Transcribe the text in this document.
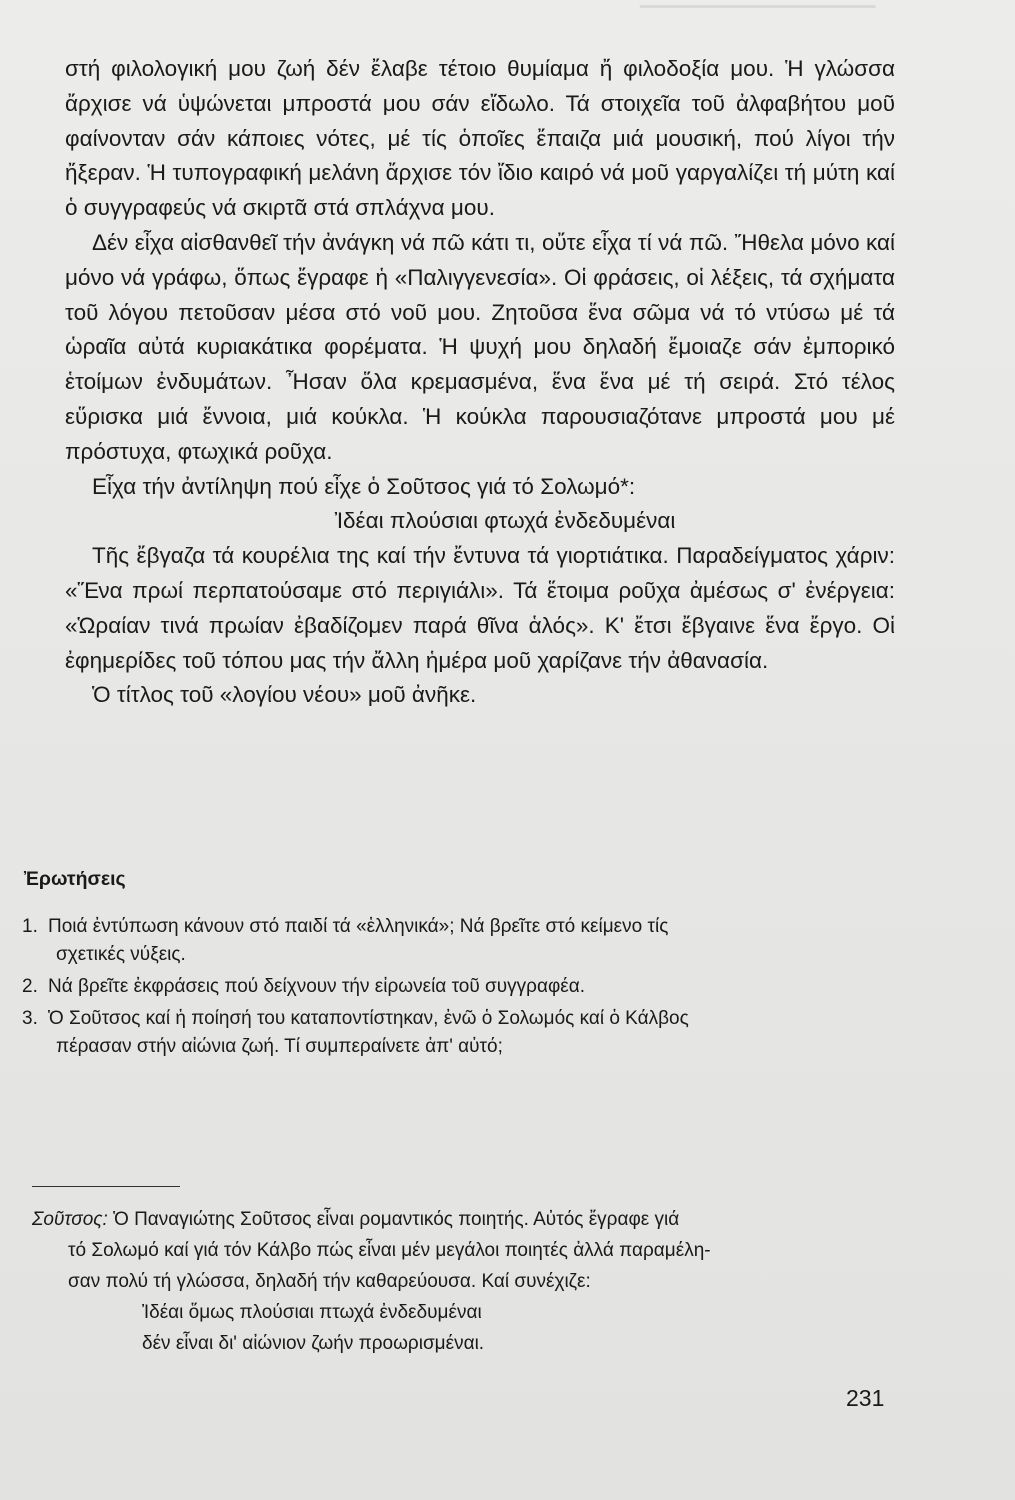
▔▔▔▔▔▔▔▔▔▔▔▔▔▔▔▔▔

στή φιλολογική μου ζωή δέν ἔλαβε τέτοιο θυμίαμα ἤ φιλοδοξία μου. Ἡ γλώσσα ἄρχισε νά ὑψώνεται μπροστά μου σάν εἴδωλο. Τά στοιχεῖα τοῦ ἀλφαβήτου μοῦ φαίνονταν σάν κάποιες νότες, μέ τίς ὁποῖες ἔπαιζα μιά μουσική, πού λίγοι τήν ἤξεραν. Ἡ τυπογραφική μελάνη ἄρχισε τόν ἴδιο καιρό νά μοῦ γαργαλίζει τή μύτη καί ὁ συγγραφεύς νά σκιρτᾶ στά σπλάχνα μου.

Δέν εἶχα αἰσθανθεῖ τήν ἀνάγκη νά πῶ κάτι τι, οὔτε εἶχα τί νά πῶ. Ἤθελα μόνο καί μόνο νά γράφω, ὅπως ἔγραφε ἡ «Παλιγγενεσία». Οἱ φράσεις, οἱ λέξεις, τά σχήματα τοῦ λόγου πετοῦσαν μέσα στό νοῦ μου. Ζητοῦσα ἕνα σῶμα νά τό ντύσω μέ τά ὡραῖα αὐτά κυριακάτικα φορέματα. Ἡ ψυχή μου δηλαδή ἔμοιαζε σάν ἐμπορικό ἑτοίμων ἐνδυμάτων. Ἦσαν ὅλα κρεμασμένα, ἕνα ἕνα μέ τή σειρά. Στό τέλος εὕρισκα μιά ἔννοια, μιά κούκλα. Ἡ κούκλα παρουσιαζότανε μπροστά μου μέ πρόστυχα, φτωχικά ροῦχα.

Εἶχα τήν ἀντίληψη πού εἶχε ὁ Σοῦτσος γιά τό Σολωμό*:

Ἰδέαι πλούσιαι φτωχά ἐνδεδυμέναι

Τῆς ἔβγαζα τά κουρέλια της καί τήν ἔντυνα τά γιορτιάτικα. Παραδείγματος χάριν: «Ἕνα πρωί περπατούσαμε στό περιγιάλι». Τά ἕτοιμα ροῦχα ἀμέσως σ' ἐνέργεια: «Ὡραίαν τινά πρωίαν ἐβαδίζομεν παρά θῖνα ἁλός». Κ' ἔτσι ἔβγαινε ἕνα ἔργο. Οἱ ἐφημερίδες τοῦ τόπου μας τήν ἄλλη ἡμέρα μοῦ χαρίζανε τήν ἀθανασία.

Ὁ τίτλος τοῦ «λογίου νέου» μοῦ ἀνῆκε.

Ἐρωτήσεις
1. Ποιά ἐντύπωση κάνουν στό παιδί τά «ἑλληνικά»; Νά βρεῖτε στό κείμενο τίς
σχετικές νύξεις.
2. Νά βρεῖτε ἐκφράσεις πού δείχνουν τήν εἰρωνεία τοῦ συγγραφέα.
3. Ὁ Σοῦτσος καί ἡ ποίησή του καταποντίστηκαν, ἐνῶ ὁ Σολωμός καί ὁ Κάλβος
πέρασαν στήν αἰώνια ζωή. Τί συμπεραίνετε ἀπ' αὐτό;

Σοῦτσος: Ὁ Παναγιώτης Σοῦτσος εἶναι ρομαντικός ποιητής. Αὐτός ἔγραφε γιά

τό Σολωμό καί γιά τόν Κάλβο πώς εἶναι μέν μεγάλοι ποιητές ἀλλά παραμέλη-

σαν πολύ τή γλώσσα, δηλαδή τήν καθαρεύουσα. Καί συνέχιζε:

Ἰδέαι ὅμως πλούσιαι πτωχά ἐνδεδυμέναι

δέν εἶναι δι' αἰώνιον ζωήν προωρισμέναι.

231
